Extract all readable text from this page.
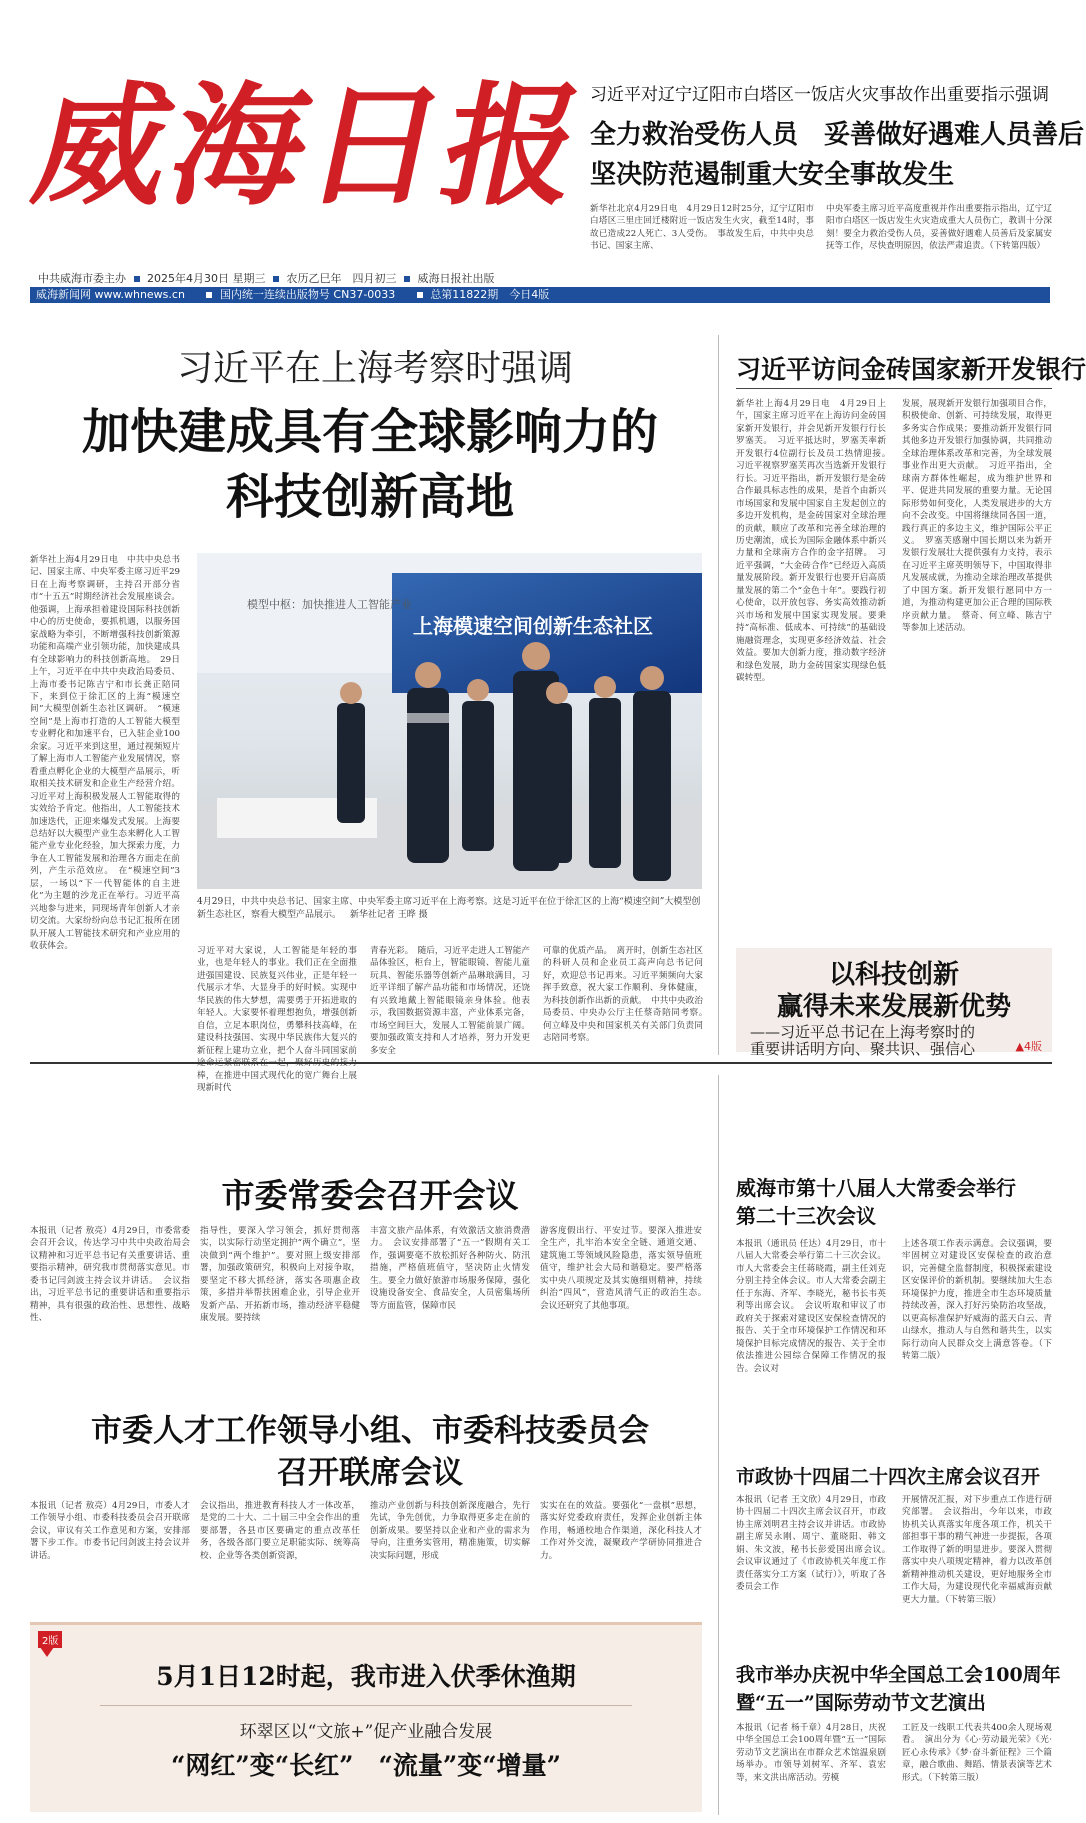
威海日报
中共威海市委主办 2025年4月30日 星期三 农历乙巳年　四月初三 威海日报社出版
威海新闻网 www.whnews.cn	国内统一连续出版物号 CN37-0033	总第11822期　今日4版
习近平对辽宁辽阳市白塔区一饭店火灾事故作出重要指示强调
全力救治受伤人员　妥善做好遇难人员善后
坚决防范遏制重大安全事故发生
新华社北京4月29日电　4月29日12时25分，辽宁辽阳市白塔区三里庄回迁楼附近一饭店发生火灾，截至14时，事故已造成22人死亡、3人受伤。　事故发生后，中共中央总书记、国家主席、
中央军委主席习近平高度重视并作出重要指示指出，辽宁辽阳市白塔区一饭店发生火灾造成重大人员伤亡，教训十分深刻！要全力救治受伤人员，妥善做好遇难人员善后及家属安抚等工作，尽快查明原因，依法严肃追责。（下转第四版）
习近平在上海考察时强调
加快建成具有全球影响力的
科技创新高地
新华社上海4月29日电　中共中央总书记、国家主席、中央军委主席习近平29日在上海考察调研，主持召开部分省市“十五五”时期经济社会发展座谈会。他强调，上海承担着建设国际科技创新中心的历史使命，要抓机遇，以服务国家战略为牵引，不断增强科技创新策源功能和高端产业引领功能，加快建成具有全球影响力的科技创新高地。　29日上午，习近平在中共中央政治局委员、上海市委书记陈吉宁和市长龚正陪同下，来到位于徐汇区的上海“模速空间”大模型创新生态社区调研。　“模速空间”是上海市打造的人工智能大模型专业孵化和加速平台，已入驻企业100余家。习近平来到这里，通过视频短片了解上海市人工智能产业发展情况，察看重点孵化企业的大模型产品展示，听取相关技术研发和企业生产经营介绍。习近平对上海积极发展人工智能取得的实效给予肯定。他指出，人工智能技术加速迭代，正迎来爆发式发展。上海要总结好以大模型产业生态来孵化人工智能产业专业化经验，加大探索力度，力争在人工智能发展和治理各方面走在前列，产生示范效应。　在“模速空间”3层，一场以“下一代智能体的自主进化”为主题的沙龙正在举行。习近平高兴地参与进来，同现场青年创新人才亲切交流。大家纷纷向总书记汇报所在团队开展人工智能技术研究和产业应用的收获体会。
上海模速空间创新生态社区
模型中枢：加快推进人工智能产业
4月29日，中共中央总书记、国家主席、中央军委主席习近平在上海考察。这是习近平在位于徐汇区的上海“模速空间”大模型创新生态社区，察看大模型产品展示。 新华社记者 王晔 摄
习近平对大家说，人工智能是年轻的事业，也是年轻人的事业。我们正在全面推进强国建设、民族复兴伟业，正是年轻一代展示才华、大显身手的好时候。实现中华民族的伟大梦想，需要勇于开拓进取的年轻人。大家要怀着理想抱负，增强创新自信，立足本职岗位，勇攀科技高峰，在建设科技强国、实现中华民族伟大复兴的新征程上建功立业，把个人奋斗同国家前 棒，在推进中国式现代化的宽广舞台上展现新时代
青春光彩。　随后，习近平走进人工智能产品体验区，柜台上，智能眼镜、智能儿童玩具、智能乐器等创新产品琳琅满目，习近平详细了解产品功能和市场情况，还饶有兴致地戴上智能眼镜亲身体验。他表示，我国数据资源丰富，产业体系完备，市场空间巨大，发展人工智能前景广阔。要加强政策支持和人才培养，努力开发更多安全
可靠的优质产品。　离开时，创新生态社区的科研人员和企业员工高声向总书记问好，欢迎总书记再来。习近平频频向大家挥手致意，祝大家工作顺利、身体健康，为科技创新作出新的贡献。　中共中央政治局委员、中央办公厅主任蔡奇陪同考察。　何立峰及中央和国家机关有关部门负责同志陪同考察。
习近平访问金砖国家新开发银行
新华社上海4月29日电　4月29日上午，国家主席习近平在上海访问金砖国家新开发银行，并会见新开发银行行长罗塞芙。　习近平抵达时，罗塞芙率新开发银行4位副行长及员工热情迎接。　习近平视察罗塞芙再次当选新开发银行行长。习近平指出，新开发银行是金砖合作最具标志性的成果，是首个由新兴市场国家和发展中国家自主发起创立的多边开发机构，是金砖国家对全球治理的贡献，顺应了改革和完善全球治理的历史潮流，成长为国际金融体系中新兴力量和全球南方合作的金字招牌。　习近平强调，“大金砖合作”已经迈入高质量发展阶段。新开发银行也要开启高质量发展的第二个“金色十年”。要践行初心使命，以开放包容、务实高效推动新兴市场和发展中国家实现发展。要秉持“高标准、低成本、可持续”的基础设施融资理念，实现更多经济效益、社会效益。要加大创新力度，推动数字经济和绿色发展，助力金砖国家实现绿色低碳转型。
发展，展现新开发银行加强项目合作，积极使命、创新、可持续发展，取得更多务实合作成果；要推动新开发银行同其他多边开发银行加强协调，共同推动全球治理体系改革和完善，为全球发展事业作出更大贡献。　习近平指出，全球南方群体性崛起，成为维护世界和平、促进共同发展的重要力量。无论国际形势如何变化，人类发展进步的大方向不会改变。中国将继续同各国一道，践行真正的多边主义，维护国际公平正义。　罗塞芙感谢中国长期以来为新开发银行发展壮大提供强有力支持，表示在习近平主席英明领导下，中国取得非凡发展成就，为推动全球治理改革提供了中国方案。新开发银行愿同中方一道，为推动构建更加公正合理的国际秩序贡献力量。　蔡奇、何立峰、陈吉宁等参加上述活动。
以科技创新
赢得未来发展新优势
——习近平总书记在上海考察时的
重要讲话明方向、聚共识、强信心	▲4版
市委常委会召开会议
本报讯（记者 敖亮）4月29日，市委常委会召开会议，传达学习中共中央政治局会议精神和习近平总书记有关重要讲话、重要指示精神，研究我市贯彻落实意见。市委书记闫剑波主持会议并讲话。　会议指出，习近平总书记的重要讲话和重要指示精神，具有很强的政治性、思想性、战略性、
指导性，要深入学习领会，抓好贯彻落实，以实际行动坚定拥护“两个确立”，坚决做到“两个维护”。要对照上级安排部署，加强政策研究，积极向上对接争取，要坚定不移大抓经济，落实各项惠企政策，多措并举帮扶困难企业，引导企业开发新产品、开拓新市场，推动经济平稳健康发展。要持续
丰富文旅产品体系，有效激活文旅消费潜力。　会议安排部署了“五一”假期有关工作，强调要毫不放松抓好各种防火、防汛措施，严格值班值守，坚决防止火情发生。要全力做好旅游市场服务保障，强化设施设备安全、食品安全，人员密集场所等方面监管，保障市民
游客度假出行、平安过节。要深入推进安全生产，扎牢治本安全全链、通道交通、建筑施工等领域风险隐患，落实领导值班值守，维护社会大局和谐稳定。要严格落实中央八项规定及其实施细则精神，持续纠治“四风”，营造风清气正的政治生态。　会议还研究了其他事项。
市委人才工作领导小组、市委科技委员会
召开联席会议
本报讯（记者 敖亮）4月29日，市委人才工作领导小组、市委科技委员会召开联席会议，审议有关工作意见和方案，安排部署下步工作。市委书记闫剑波主持会议并讲话。
会议指出，推进教育科技人才一体改革，是党的二十大、二十届三中全会作出的重要部署，各县市区要确定的重点改革任务，各级各部门要立足职能实际、统筹高校、企业等各类创新资源，
推动产业创新与科技创新深度融合，先行先试，争先创优，力争取得更多走在前的创新成果。要坚持以企业和产业的需求为导向，注重务实管用，精准施策，切实解决实际问题，形成
实实在在的效益。要强化“一盘棋”思想，落实好党委政府责任，发挥企业创新主体作用，畅通校地合作渠道，深化科技人才工作对外交流，凝聚政产学研协同推进合力。
2版
5月1日12时起，我市进入伏季休渔期
环翠区以“文旅+”促产业融合发展
“网红”变“长红”　“流量”变“增量”
威海市第十八届人大常委会举行
第二十三次会议
本报讯（通讯员 任达）4月29日，市十八届人大常委会举行第二十三次会议。市人大常委会主任蒋晓霞，副主任刘克分别主持全体会议。市人大常委会副主任于东海、齐军、李晓光，秘书长韦英利等出席会议。　会议听取和审议了市政府关于探索对建设区安保检查情况的报告、关于全市环境保护工作情况和环境保护目标完成情况的报告、关于全市依法推进公园综合保障工作情况的报告。会议对
上述各项工作表示满意。会议强调，要牢固树立对建设区安保检查的政治意识，完善健全监督制度，积极探索建设区安保评价的新机制。要继续加大生态环境保护力度，推进全市生态环境质量持续改善，深入打好污染防治攻坚战，以更高标准保护好威海的蓝天白云、青山绿水，推动人与自然和谐共生，以实际行动向人民群众交上满意答卷。（下转第二版）
市政协十四届二十四次主席会议召开
本报讯（记者 王文欣）4月29日，市政协十四届二十四次主席会议召开，市政协主席刘明君主持会议并讲话。市政协副主席吴永刚、周宁、董晓阳、韩文娟、朱文波，秘书长彭爱国出席会议。　会议审议通过了《市政协机关年度工作责任落实分工方案（试行）》，听取了各委员会工作
开展情况汇报，对下步重点工作进行研究部署。　会议指出，今年以来，市政协机关认真落实年度各项工作，机关干部担事干事的精气神进一步提振，各项工作取得了新的明显进步。要深入贯彻落实中央八项规定精神，着力以改革创新精神推动机关建设，更好地服务全市工作大局，为建设现代化幸福威海贡献更大力量。（下转第三版）
我市举办庆祝中华全国总工会100周年
暨“五一”国际劳动节文艺演出
本报讯（记者 杨千章）4月28日，庆祝中华全国总工会100周年暨“五一”国际劳动节文艺演出在市群众艺术馆温泉剧场举办。市领导刘树军、齐军、袁宏等，来文洪出席活动。劳模
工匠及一线职工代表共400余人现场观看。　演出分为《心·劳动最光荣》《光·匠心永传承》《梦·奋斗新征程》三个篇章，融合歌曲、舞蹈、情景表演等艺术形式。（下转第三版）
